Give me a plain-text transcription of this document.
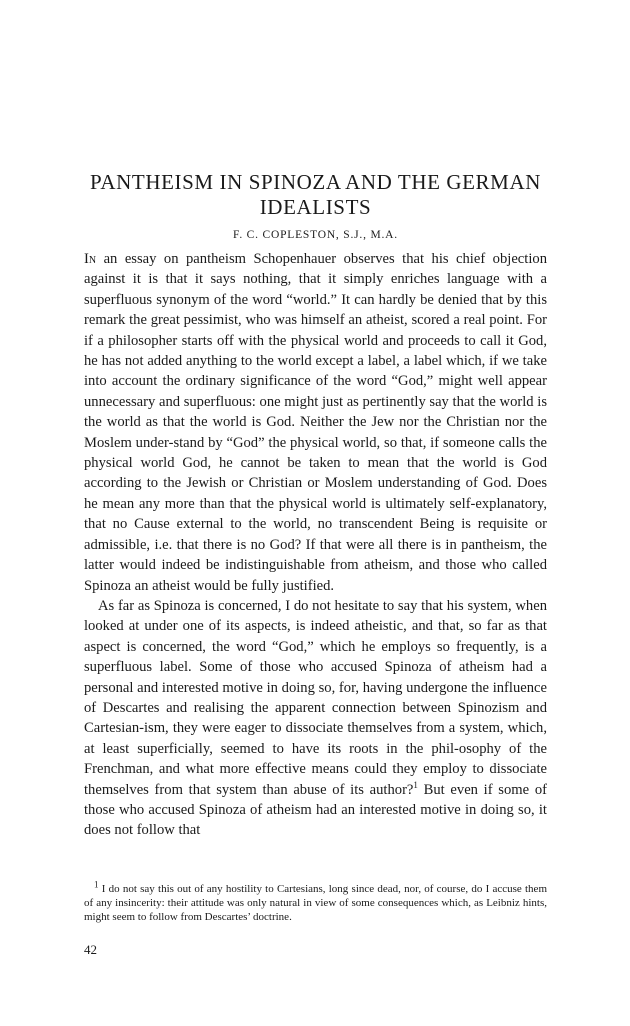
PANTHEISM IN SPINOZA AND THE GERMAN IDEALISTS
F. C. COPLESTON, S.J., M.A.

In an essay on pantheism Schopenhauer observes that his chief objection against it is that it says nothing, that it simply enriches language with a superfluous synonym of the word “world.” It can hardly be denied that by this remark the great pessimist, who was himself an atheist, scored a real point. For if a philosopher starts off with the physical world and proceeds to call it God, he has not added anything to the world except a label, a label which, if we take into account the ordinary significance of the word “God,” might well appear unnecessary and superfluous: one might just as pertinently say that the world is the world as that the world is God. Neither the Jew nor the Christian nor the Moslem under-stand by “God” the physical world, so that, if someone calls the physical world God, he cannot be taken to mean that the world is God according to the Jewish or Christian or Moslem understanding of God. Does he mean any more than that the physical world is ultimately self-explanatory, that no Cause external to the world, no transcendent Being is requisite or admissible, i.e. that there is no God? If that were all there is in pantheism, the latter would indeed be indistinguishable from atheism, and those who called Spinoza an atheist would be fully justified.

As far as Spinoza is concerned, I do not hesitate to say that his system, when looked at under one of its aspects, is indeed atheistic, and that, so far as that aspect is concerned, the word “God,” which he employs so frequently, is a superfluous label. Some of those who accused Spinoza of atheism had a personal and interested motive in doing so, for, having undergone the influence of Descartes and realising the apparent connection between Spinozism and Cartesian-ism, they were eager to dissociate themselves from a system, which, at least superficially, seemed to have its roots in the phil-osophy of the Frenchman, and what more effective means could they employ to dissociate themselves from that system than abuse of its author?$^1$ But even if some of those who accused Spinoza of atheism had an interested motive in doing so, it does not follow that

$^1$ I do not say this out of any hostility to Cartesians, long since dead, nor, of course, do I accuse them of any insincerity: their attitude was only natural in view of some consequences which, as Leibniz hints, might seem to follow from Descartes’ doctrine.

42
